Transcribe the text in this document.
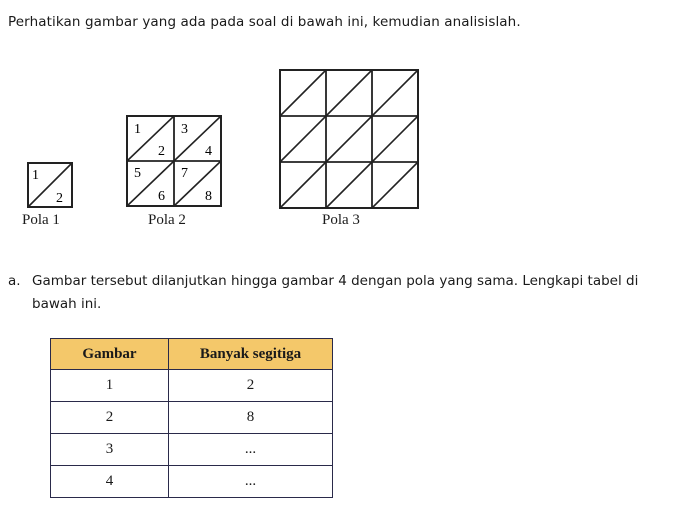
Perhatikan gambar yang ada pada soal di bawah ini, kemudian analisislah.
1
2
Pola 1
1
2
3
4
5
6
7
8
Pola 2	Pola 3
a. Gambar tersebut dilanjutkan hingga gambar 4 dengan pola yang sama. Lengkapi tabel di bawah ini.
Gambar	Banyak segitiga
1	2
2	8
3	...
4	...
